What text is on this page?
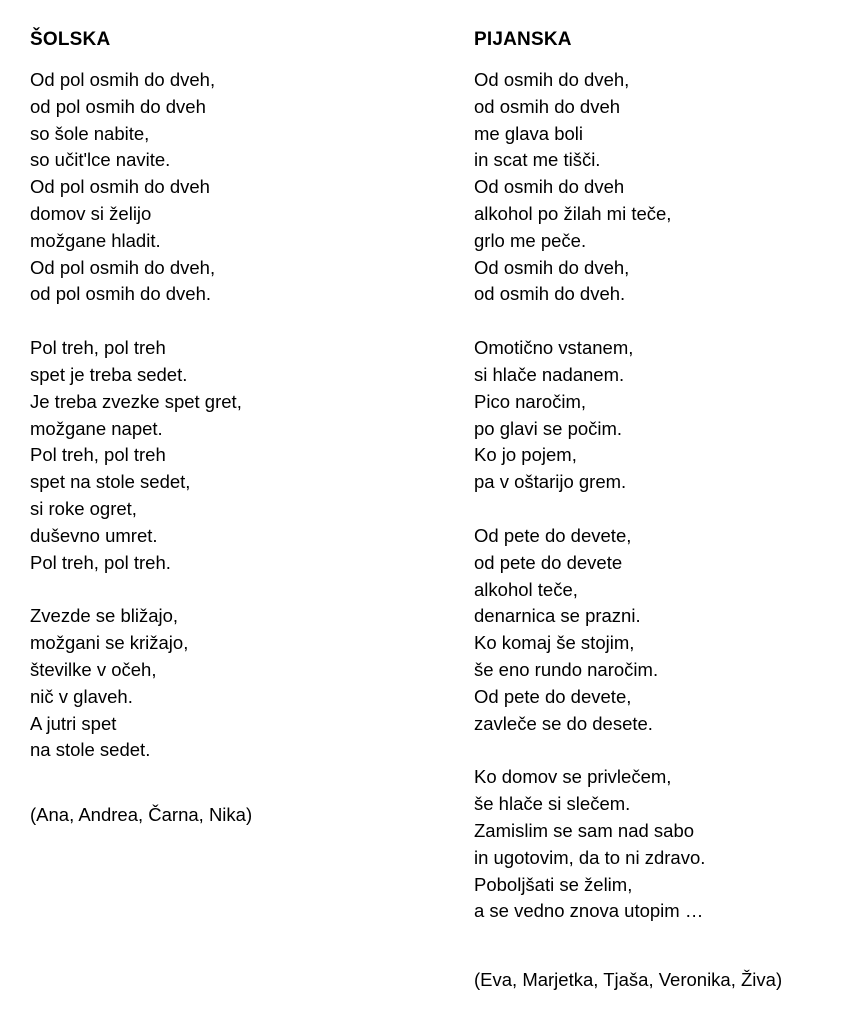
ŠOLSKA
Od pol osmih do dveh,
od pol osmih do dveh
so šole nabite,
so učit'lce navite.
Od pol osmih do dveh
domov si želijo
možgane hladit.
Od pol osmih do dveh,
od pol osmih do dveh.
Pol treh, pol treh
spet je treba sedet.
Je treba zvezke spet gret,
možgane napet.
Pol treh, pol treh
spet na stole sedet,
si roke ogret,
duševno umret.
Pol treh, pol treh.
Zvezde se bližajo,
možgani se križajo,
številke v očeh,
nič v glaveh.
A jutri spet
na stole sedet.
(Ana, Andrea, Čarna, Nika)
PIJANSKA
Od osmih do dveh,
od osmih do dveh
me glava boli
in scat me tišči.
Od osmih do dveh
alkohol po žilah mi teče,
grlo me peče.
Od osmih do dveh,
od osmih do dveh.
Omotično vstanem,
si hlače nadanem.
Pico naročim,
po glavi se počim.
Ko jo pojem,
pa v oštarijo grem.
Od pete do devete,
od pete do devete
alkohol teče,
denarnica se prazni.
Ko komaj še stojim,
še eno rundo naročim.
Od pete do devete,
zavleče se do desete.
Ko domov se privlečem,
še hlače si slečem.
Zamislim se sam nad sabo
in ugotovim, da to ni zdravo.
Poboljšati se želim,
a se vedno znova utopim …
(Eva, Marjetka, Tjaša, Veronika, Živa)
